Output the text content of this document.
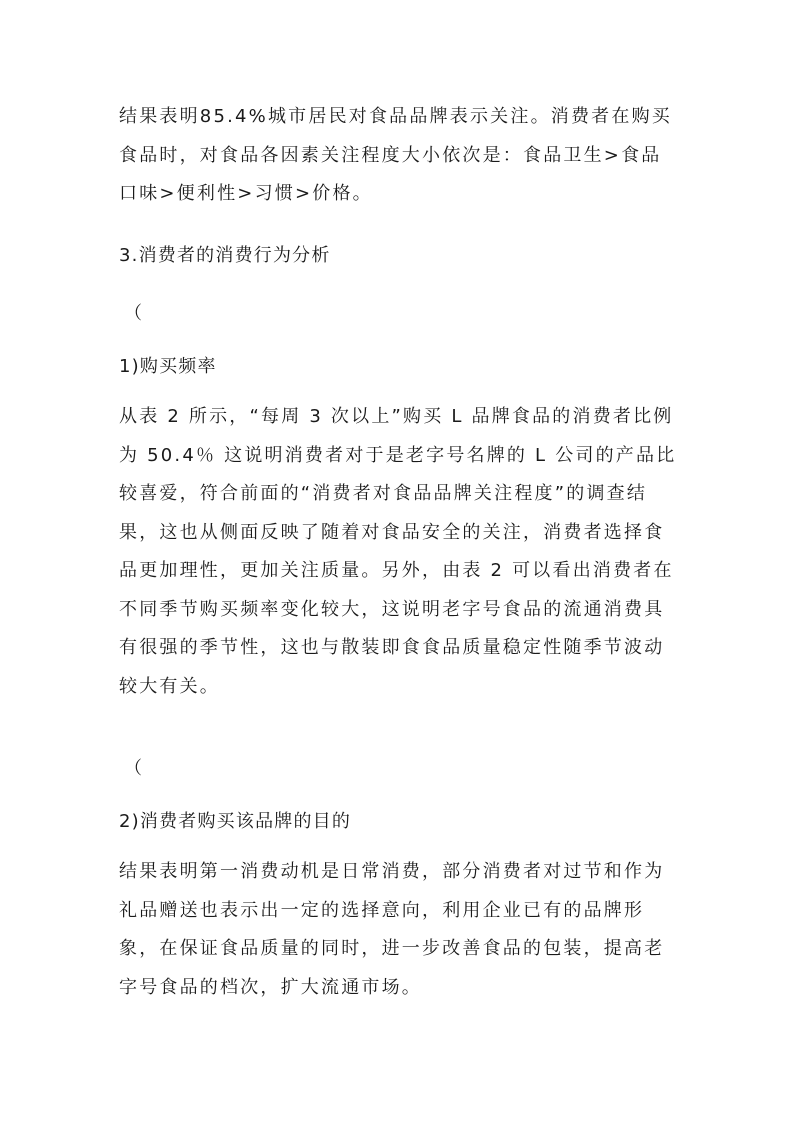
结果表明85.4%城市居民对食品品牌表示关注。消费者在购买食品时，对食品各因素关注程度大小依次是：食品卫生>食品口味>便利性>习惯>价格。

3.消费者的消费行为分析

（

1)购买频率

从表 2 所示，“每周 3 次以上”购买 L 品牌食品的消费者比例为 50.4％ 这说明消费者对于是老字号名牌的 L 公司的产品比较喜爱，符合前面的“消费者对食品品牌关注程度”的调查结果，这也从侧面反映了随着对食品安全的关注，消费者选择食品更加理性，更加关注质量。另外，由表 2 可以看出消费者在不同季节购买频率变化较大，这说明老字号食品的流通消费具有很强的季节性，这也与散装即食食品质量稳定性随季节波动较大有关。

（

2)消费者购买该品牌的目的

结果表明第一消费动机是日常消费，部分消费者对过节和作为礼品赠送也表示出一定的选择意向，利用企业已有的品牌形象，在保证食品质量的同时，进一步改善食品的包装，提高老字号食品的档次，扩大流通市场。
